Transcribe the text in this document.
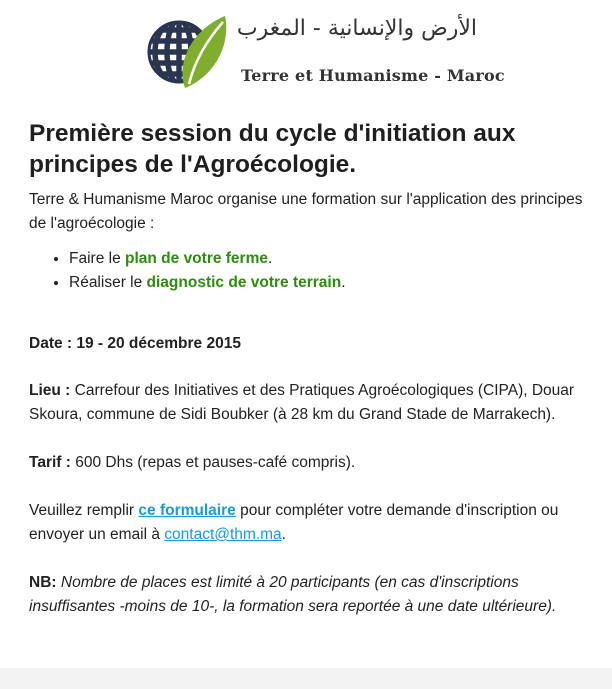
الأرض والإنسانية - المغرب
Terre et Humanisme - Maroc
Première session du cycle d'initiation aux principes de l'Agroécologie.

Terre & Humanisme Maroc organise une formation sur l'application des principes de l'agroécologie :

• Faire le plan de votre ferme.
• Réaliser le diagnostic de votre terrain.

Date : 19 - 20 décembre 2015

Lieu : Carrefour des Initiatives et des Pratiques Agroécologiques (CIPA), Douar Skoura, commune de Sidi Boubker (à 28 km du Grand Stade de Marrakech).

Tarif : 600 Dhs (repas et pauses-café compris).

Veuillez remplir ce formulaire pour compléter votre demande d'inscription ou envoyer un email à contact@thm.ma.

NB: Nombre de places est limité à 20 participants (en cas d'inscriptions insuffisantes -moins de 10-, la formation sera reportée à une date ultérieure).
